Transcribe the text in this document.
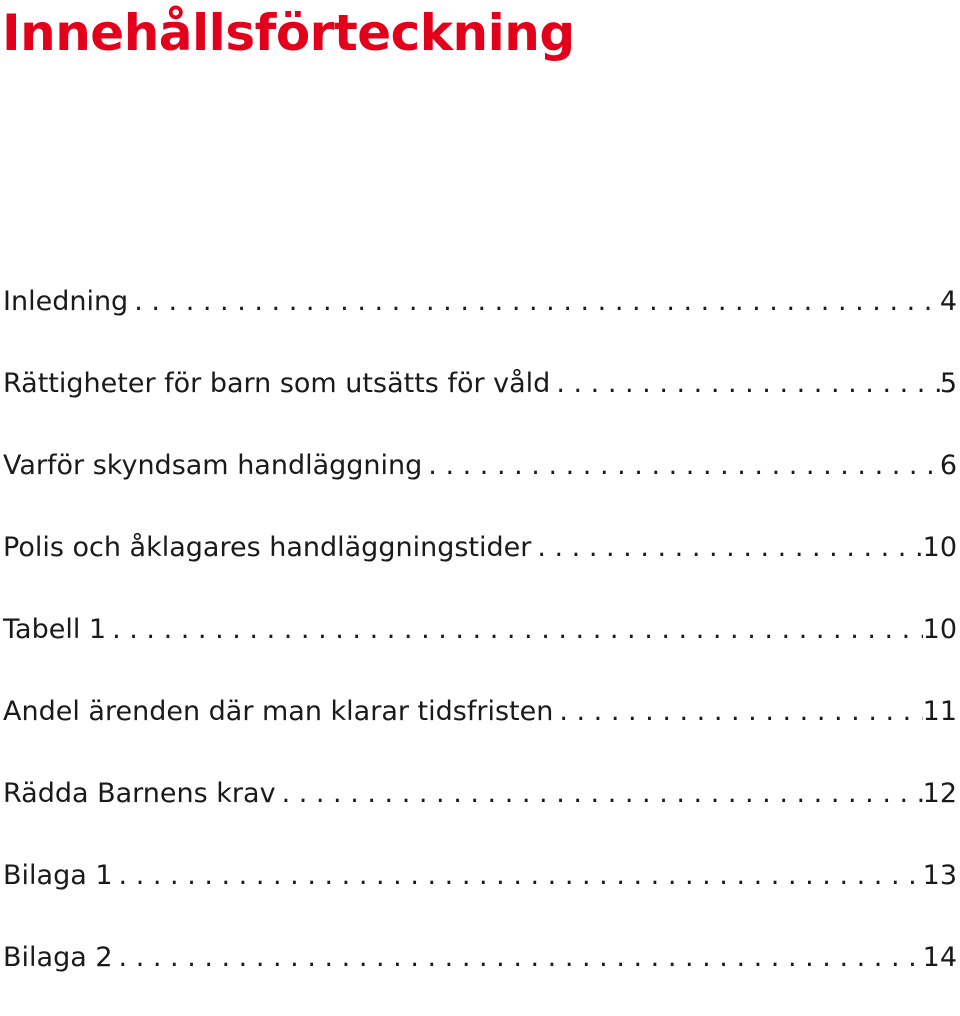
Innehållsförteckning
Inledning . . .	4
Rättigheter för barn som utsätts för våld . . .	5
Varför skyndsam handläggning . . .	6
Polis och åklagares handläggningstider . . .	10
Tabell 1 . . .	10
Andel ärenden där man klarar tidsfristen . . .	11
Rädda Barnens krav . . .	12
Bilaga 1 . . .	13
Bilaga 2 . . .	14
